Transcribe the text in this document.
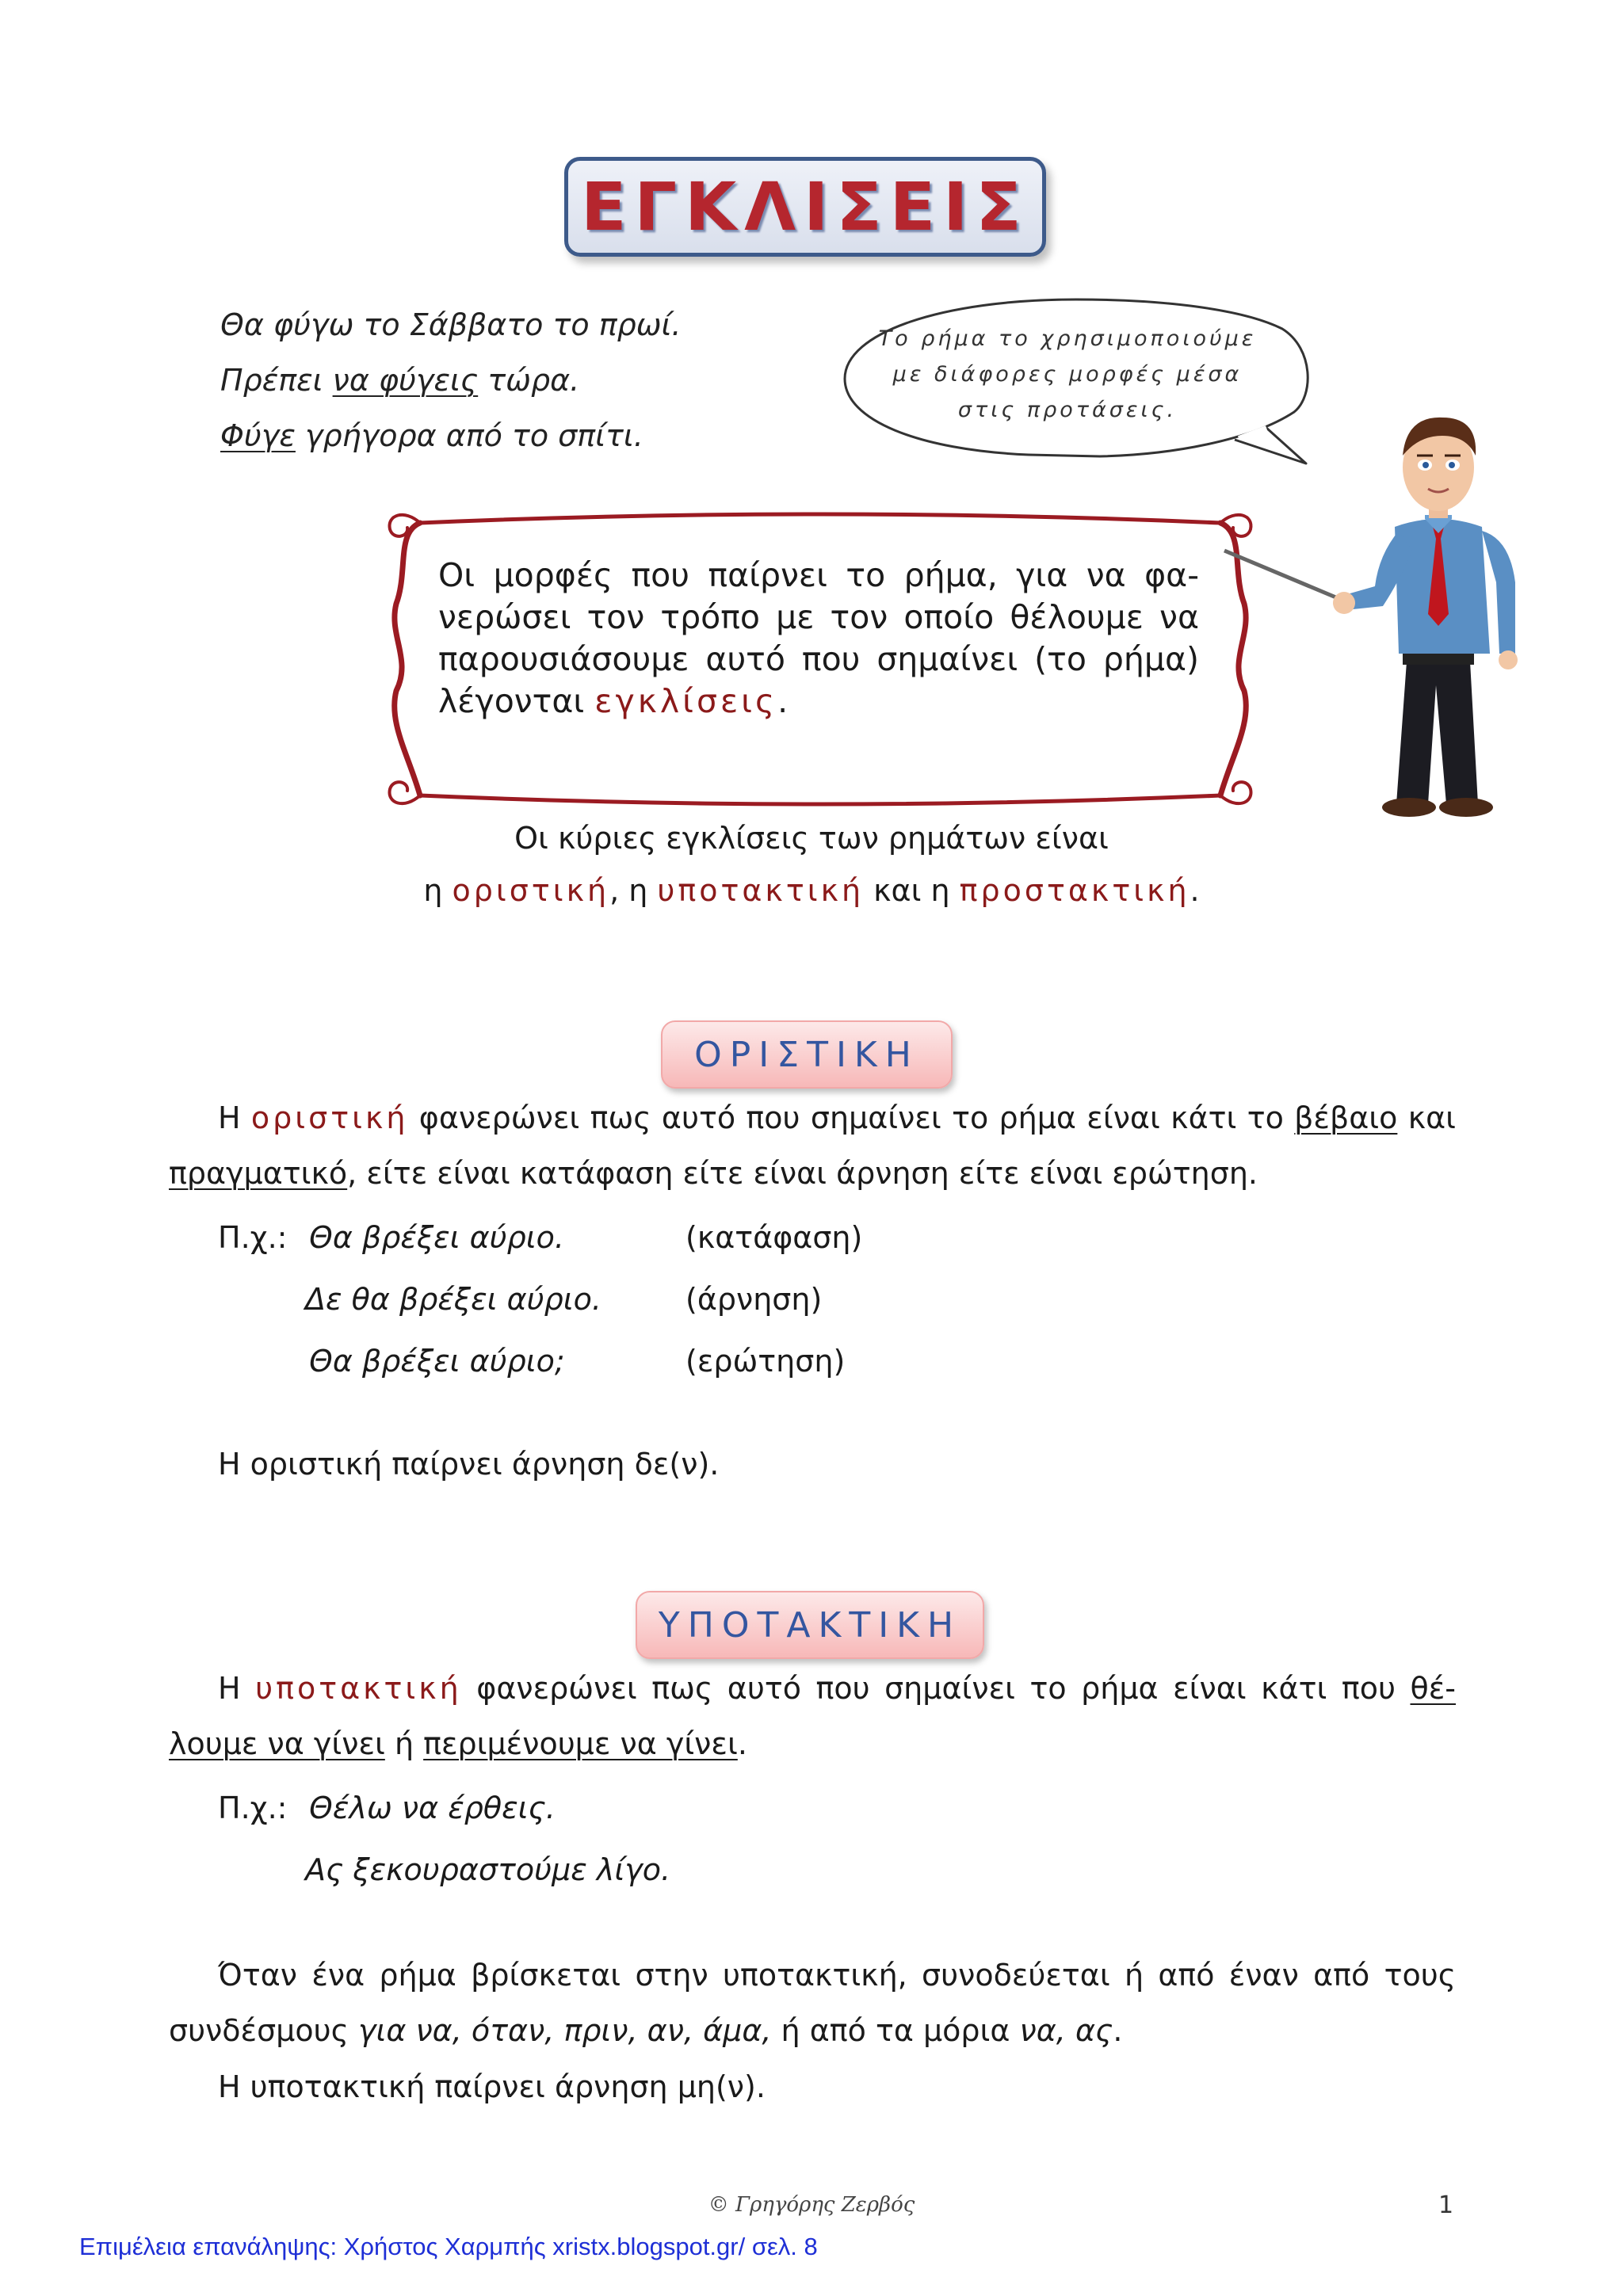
ΕΓΚΛΙΣΕΙΣ
Θα φύγω το Σάββατο το πρωί.
Πρέπει να φύγεις τώρα.
Φύγε γρήγορα από το σπίτι.
Το ρήμα το χρησιμοποιούμε
με διάφορες μορφές μέσα
στις προτάσεις.
Οι μορφές που παίρνει το ρήμα, για να φα- νερώσει τον τρόπο με τον οποίο θέλουμε να παρουσιάσουμε αυτό που σημαίνει (το ρήμα) λέγονται εγκλίσεις.
Οι κύριες εγκλίσεις των ρημάτων είναι
η οριστική, η υποτακτική και η προστακτική.
ΟΡΙΣΤΙΚΗ
Η οριστική φανερώνει πως αυτό που σημαίνει το ρήμα είναι κάτι το βέβαιο και
πραγματικό, είτε είναι κατάφαση είτε είναι άρνηση είτε είναι ερώτηση.
Π.χ.: Θα βρέξει αύριο.	(κατάφαση)
Δε θα βρέξει αύριο.	(άρνηση)
Θα βρέξει αύριο;	(ερώτηση)
Η οριστική παίρνει άρνηση δε(ν).
ΥΠΟΤΑΚΤΙΚΗ
Η υποτακτική φανερώνει πως αυτό που σημαίνει το ρήμα είναι κάτι που θέ-
λουμε να γίνει ή περιμένουμε να γίνει.
Π.χ.: Θέλω να έρθεις.
Ας ξεκουραστούμε λίγο.
Όταν ένα ρήμα βρίσκεται στην υποτακτική, συνοδεύεται ή από έναν από τους
συνδέσμους για να, όταν, πριν, αν, άμα, ή από τα μόρια να, ας.
Η υποτακτική παίρνει άρνηση μη(ν).
© Γρηγόρης Ζερβός	1
Επιμέλεια επανάληψης: Χρήστος Χαρμπής xristx.blogspot.gr/ σελ. 8
